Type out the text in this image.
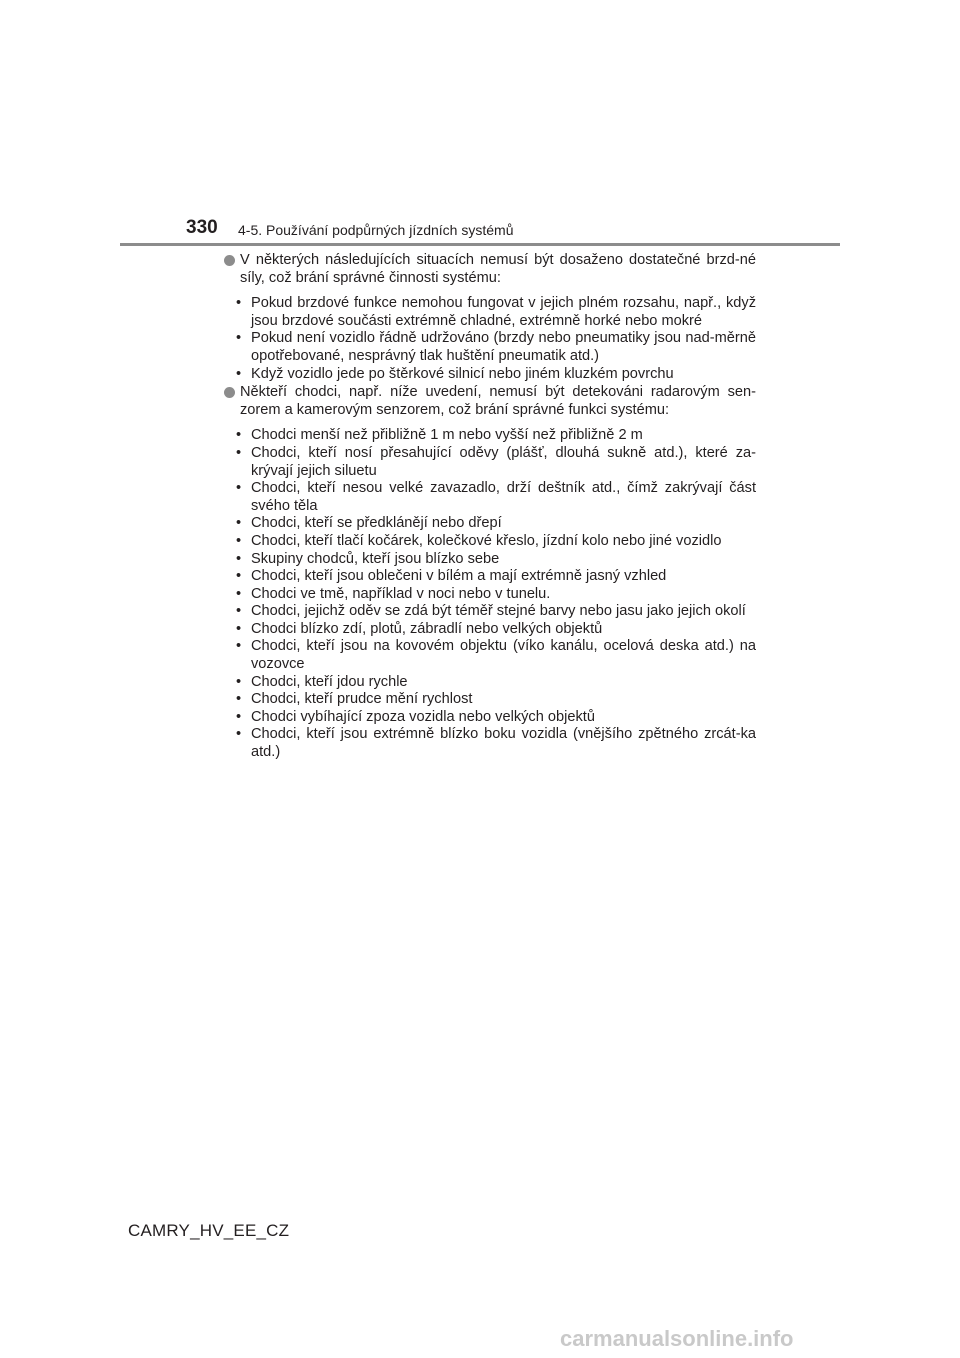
330 4-5. Používání podpůrných jízdních systémů
V některých následujících situacích nemusí být dosaženo dostatečné brzd-né síly, což brání správné činnosti systému:
• Pokud brzdové funkce nemohou fungovat v jejich plném rozsahu, např., když jsou brzdové součásti extrémně chladné, extrémně horké nebo mokré
• Pokud není vozidlo řádně udržováno (brzdy nebo pneumatiky jsou nad-měrně opotřebované, nesprávný tlak huštění pneumatik atd.)
• Když vozidlo jede po štěrkové silnicí nebo jiném kluzkém povrchu
Někteří chodci, např. níže uvedení, nemusí být detekováni radarovým sen-zorem a kamerovým senzorem, což brání správné funkci systému:
• Chodci menší než přibližně 1 m nebo vyšší než přibližně 2 m
• Chodci, kteří nosí přesahující oděvy (plášť, dlouhá sukně atd.), které za-krývají jejich siluetu
• Chodci, kteří nesou velké zavazadlo, drží deštník atd., čímž zakrývají část svého těla
• Chodci, kteří se předklánějí nebo dřepí
• Chodci, kteří tlačí kočárek, kolečkové křeslo, jízdní kolo nebo jiné vozidlo
• Skupiny chodců, kteří jsou blízko sebe
• Chodci, kteří jsou oblečeni v bílém a mají extrémně jasný vzhled
• Chodci ve tmě, například v noci nebo v tunelu.
• Chodci, jejichž oděv se zdá být téměř stejné barvy nebo jasu jako jejich okolí
• Chodci blízko zdí, plotů, zábradlí nebo velkých objektů
• Chodci, kteří jsou na kovovém objektu (víko kanálu, ocelová deska atd.) na vozovce
• Chodci, kteří jdou rychle
• Chodci, kteří prudce mění rychlost
• Chodci vybíhající zpoza vozidla nebo velkých objektů
• Chodci, kteří jsou extrémně blízko boku vozidla (vnějšího zpětného zrcát-ka atd.)
CAMRY_HV_EE_CZ
carmanualsonline.info
